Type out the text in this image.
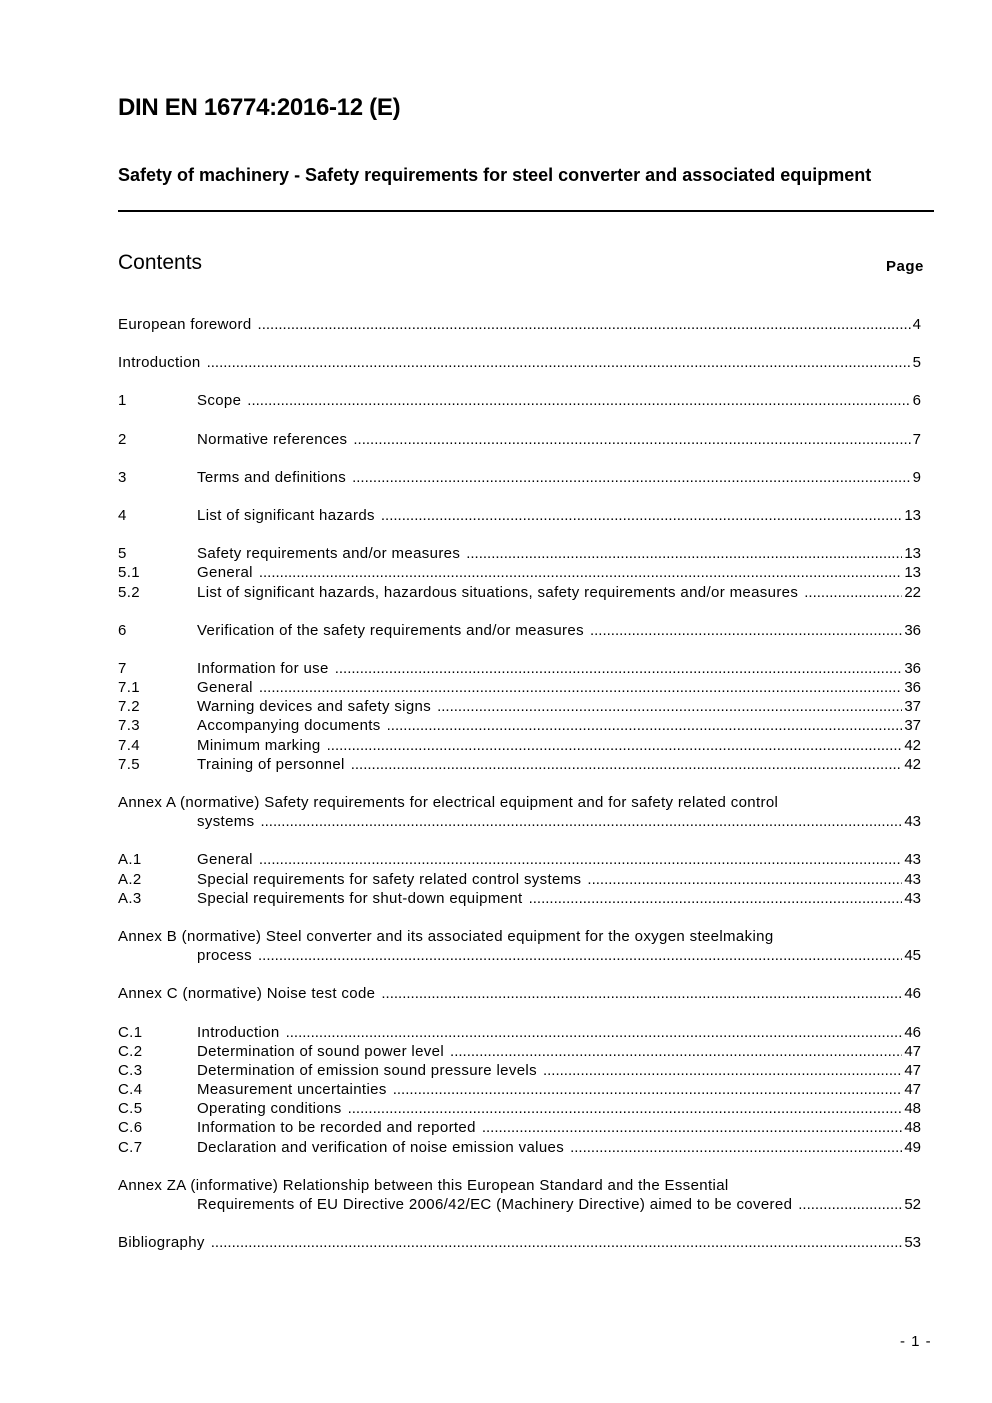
DIN EN 16774:2016-12 (E)
Safety of machinery - Safety requirements for steel converter and associated equipment
Contents	Page
European foreword .....	4
Introduction .....	5
1	Scope .....	6
2	Normative references .....	7
3	Terms and definitions .....	9
4	List of significant hazards .....	13
5	Safety requirements and/or measures .....	13
5.1	General .....	13
5.2	List of significant hazards, hazardous situations, safety requirements and/or measures .....	22
6	Verification of the safety requirements and/or measures .....	36
7	Information for use .....	36
7.1	General .....	36
7.2	Warning devices and safety signs .....	37
7.3	Accompanying documents .....	37
7.4	Minimum marking .....	42
7.5	Training of personnel .....	42
Annex A (normative) Safety requirements for electrical equipment and for safety related control
systems .....	43
A.1	General .....	43
A.2	Special requirements for safety related control systems .....	43
A.3	Special requirements for shut-down equipment .....	43
Annex B (normative) Steel converter and its associated equipment for the oxygen steelmaking
process .....	45
Annex C (normative) Noise test code .....	46
C.1	Introduction .....	46
C.2	Determination of sound power level .....	47
C.3	Determination of emission sound pressure levels .....	47
C.4	Measurement uncertainties .....	47
C.5	Operating conditions .....	48
C.6	Information to be recorded and reported .....	48
C.7	Declaration and verification of noise emission values .....	49
Annex ZA (informative) Relationship between this European Standard and the Essential
Requirements of EU Directive 2006/42/EC (Machinery Directive) aimed to be covered .....	52
Bibliography .....	53
- 1 -
